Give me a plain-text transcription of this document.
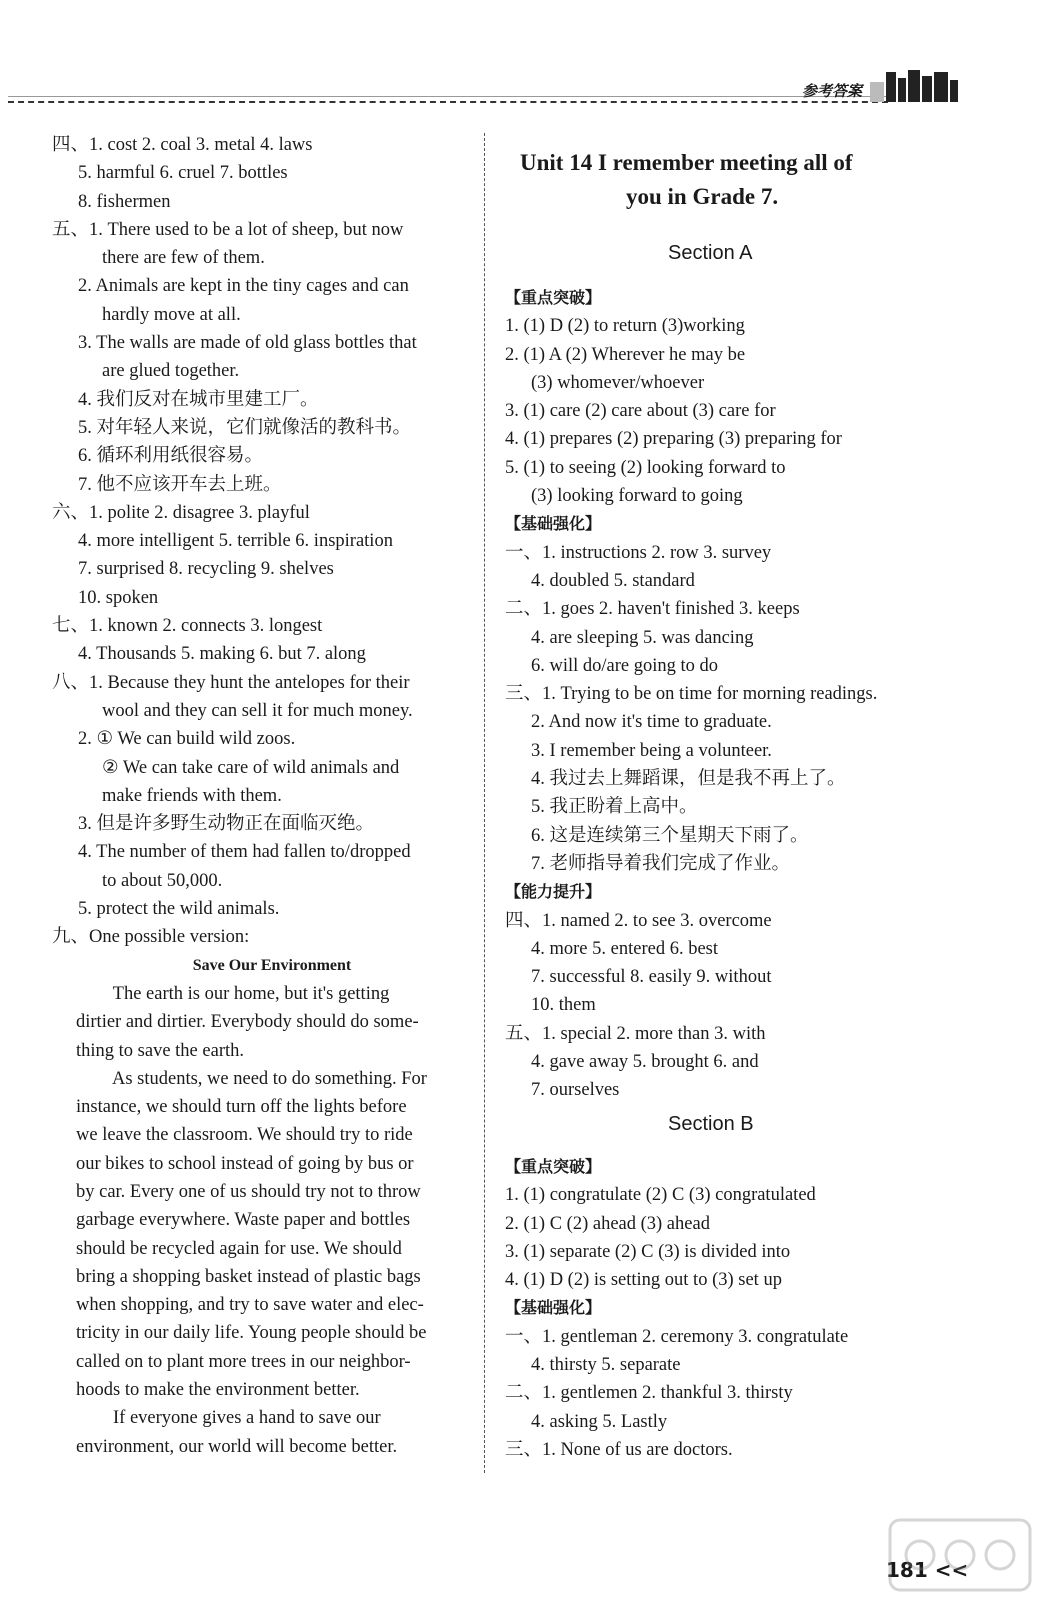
参考答案
四、1. cost 2. coal 3. metal 4. laws
5. harmful 6. cruel 7. bottles
8. fishermen
五、1. There used to be a lot of sheep, but now
there are few of them.
2. Animals are kept in the tiny cages and can
hardly move at all.
3. The walls are made of old glass bottles that
are glued together.
4. 我们反对在城市里建工厂。
5. 对年轻人来说，它们就像活的教科书。
6. 循环利用纸很容易。
7. 他不应该开车去上班。
六、1. polite 2. disagree 3. playful
4. more intelligent 5. terrible 6. inspiration
7. surprised 8. recycling 9. shelves
10. spoken
七、1. known 2. connects 3. longest
4. Thousands 5. making 6. but 7. along
八、1. Because they hunt the antelopes for their
wool and they can sell it for much money.
2. ① We can build wild zoos.
② We can take care of wild animals and
make friends with them.
3. 但是许多野生动物正在面临灭绝。
4. The number of them had fallen to/dropped
to about 50,000.
5. protect the wild animals.
九、One possible version:
Save Our Environment
The earth is our home, but it's getting
dirtier and dirtier. Everybody should do some-
thing to save the earth.
As students, we need to do something. For
instance, we should turn off the lights before
we leave the classroom. We should try to ride
our bikes to school instead of going by bus or
by car. Every one of us should try not to throw
garbage everywhere. Waste paper and bottles
should be recycled again for use. We should
bring a shopping basket instead of plastic bags
when shopping, and try to save water and elec-
tricity in our daily life. Young people should be
called on to plant more trees in our neighbor-
hoods to make the environment better.
If everyone gives a hand to save our
environment, our world will become better.
Unit 14 I remember meeting all of
you in Grade 7.
Section A
【重点突破】
1. (1) D (2) to return (3)working
2. (1) A (2) Wherever he may be
(3) whomever/whoever
3. (1) care (2) care about (3) care for
4. (1) prepares (2) preparing (3) preparing for
5. (1) to seeing (2) looking forward to
(3) looking forward to going
【基础强化】
一、1. instructions 2. row 3. survey
4. doubled 5. standard
二、1. goes 2. haven't finished 3. keeps
4. are sleeping 5. was dancing
6. will do/are going to do
三、1. Trying to be on time for morning readings.
2. And now it's time to graduate.
3. I remember being a volunteer.
4. 我过去上舞蹈课，但是我不再上了。
5. 我正盼着上高中。
6. 这是连续第三个星期天下雨了。
7. 老师指导着我们完成了作业。
【能力提升】
四、1. named 2. to see 3. overcome
4. more 5. entered 6. best
7. successful 8. easily 9. without
10. them
五、1. special 2. more than 3. with
4. gave away 5. brought 6. and
7. ourselves
Section B
【重点突破】
1. (1) congratulate (2) C (3) congratulated
2. (1) C (2) ahead (3) ahead
3. (1) separate (2) C (3) is divided into
4. (1) D (2) is setting out to (3) set up
【基础强化】
一、1. gentleman 2. ceremony 3. congratulate
4. thirsty 5. separate
二、1. gentlemen 2. thankful 3. thirsty
4. asking 5. Lastly
三、1. None of us are doctors.
181 <<
